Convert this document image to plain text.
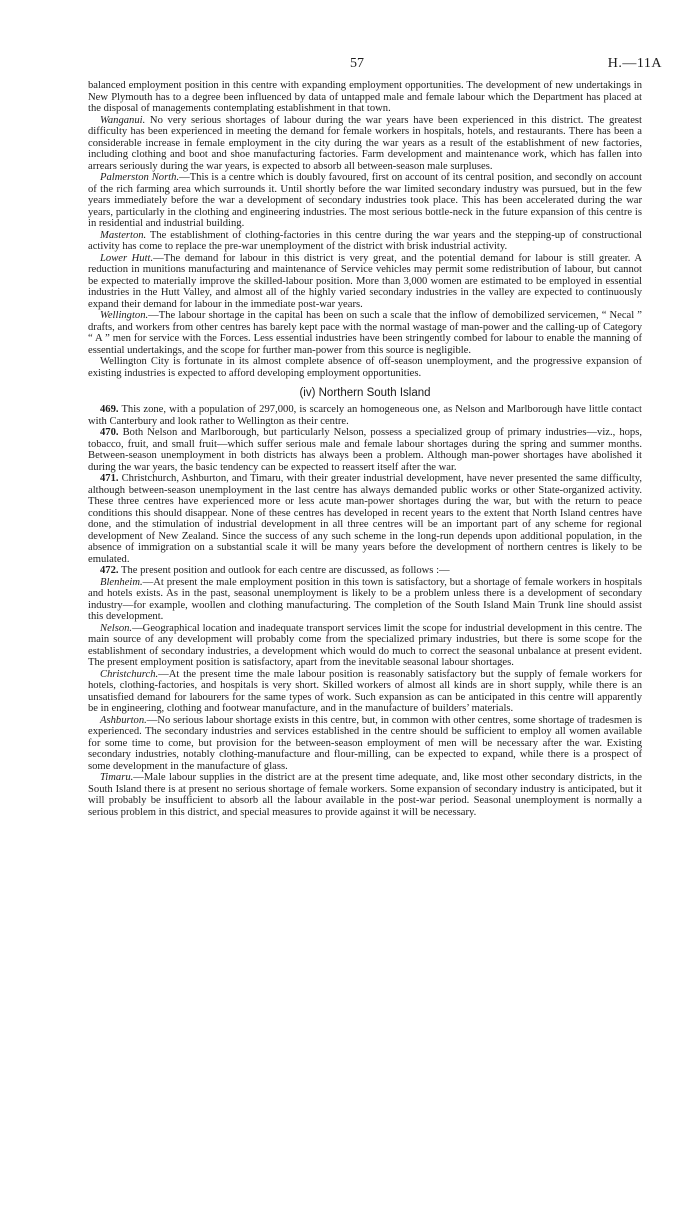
57	H.—11A

balanced employment position in this centre with expanding employment opportunities. The development of new undertakings in New Plymouth has to a degree been influenced by data of untapped male and female labour which the Department has placed at the disposal of managements contemplating establishment in that town.

Wanganui. No very serious shortages of labour during the war years have been experienced in this district. The greatest difficulty has been experienced in meeting the demand for female workers in hospitals, hotels, and restaurants. There has been a considerable increase in female employment in the city during the war years as a result of the establishment of new factories, including clothing and boot and shoe manufacturing factories. Farm development and maintenance work, which has fallen into arrears seriously during the war years, is expected to absorb all between-season male surpluses.

Palmerston North.—This is a centre which is doubly favoured, first on account of its central position, and secondly on account of the rich farming area which surrounds it. Until shortly before the war limited secondary industry was pursued, but in the few years immediately before the war a development of secondary industries took place. This has been accelerated during the war years, particularly in the clothing and engineering industries. The most serious bottle-neck in the future expansion of this centre is in residential and industrial building.

Masterton. The establishment of clothing-factories in this centre during the war years and the stepping-up of constructional activity has come to replace the pre-war unemployment of the district with brisk industrial activity.

Lower Hutt.—The demand for labour in this district is very great, and the potential demand for labour is still greater. A reduction in munitions manufacturing and maintenance of Service vehicles may permit some redistribution of labour, but cannot be expected to materially improve the skilled-labour position. More than 3,000 women are estimated to be employed in essential industries in the Hutt Valley, and almost all of the highly varied secondary industries in the valley are expected to continuously expand their demand for labour in the immediate post-war years.

Wellington.—The labour shortage in the capital has been on such a scale that the inflow of demobilized servicemen, “ Necal ” drafts, and workers from other centres has barely kept pace with the normal wastage of man-power and the calling-up of Category “ A ” men for service with the Forces. Less essential industries have been stringently combed for labour to enable the manning of essential undertakings, and the scope for further man-power from this source is negligible.

Wellington City is fortunate in its almost complete absence of off-season unemployment, and the progressive expansion of existing industries is expected to afford developing employment opportunities.

(iv) Northern South Island

469. This zone, with a population of 297,000, is scarcely an homogeneous one, as Nelson and Marlborough have little contact with Canterbury and look rather to Wellington as their centre.

470. Both Nelson and Marlborough, but particularly Nelson, possess a specialized group of primary industries—viz., hops, tobacco, fruit, and small fruit—which suffer serious male and female labour shortages during the spring and summer months. Between-season unemployment in both districts has always been a problem. Although man-power shortages have abolished it during the war years, the basic tendency can be expected to reassert itself after the war.

471. Christchurch, Ashburton, and Timaru, with their greater industrial development, have never presented the same difficulty, although between-season unemployment in the last centre has always demanded public works or other State-organized activity. These three centres have experienced more or less acute man-power shortages during the war, but with the return to peace conditions this should disappear. None of these centres has developed in recent years to the extent that North Island centres have done, and the stimulation of industrial development in all three centres will be an important part of any scheme for regional development of New Zealand. Since the success of any such scheme in the long-run depends upon additional population, in the absence of immigration on a substantial scale it will be many years before the development of northern centres is likely to be emulated.

472. The present position and outlook for each centre are discussed, as follows :—

Blenheim.—At present the male employment position in this town is satisfactory, but a shortage of female workers in hospitals and hotels exists. As in the past, seasonal unemployment is likely to be a problem unless there is a development of secondary industry—for example, woollen and clothing manufacturing. The completion of the South Island Main Trunk line should assist this development.

Nelson.—Geographical location and inadequate transport services limit the scope for industrial development in this centre. The main source of any development will probably come from the specialized primary industries, but there is some scope for the establishment of secondary industries, a development which would do much to correct the seasonal unbalance at present evident. The present employment position is satisfactory, apart from the inevitable seasonal labour shortages.

Christchurch.—At the present time the male labour position is reasonably satisfactory but the supply of female workers for hotels, clothing-factories, and hospitals is very short. Skilled workers of almost all kinds are in short supply, while there is an unsatisfied demand for labourers for the same types of work. Such expansion as can be anticipated in this centre will apparently be in engineering, clothing and footwear manufacture, and in the manufacture of builders’ materials.

Ashburton.—No serious labour shortage exists in this centre, but, in common with other centres, some shortage of tradesmen is experienced. The secondary industries and services established in the centre should be sufficient to employ all women available for some time to come, but provision for the between-season employment of men will be necessary after the war. Existing secondary industries, notably clothing-manufacture and flour-milling, can be expected to expand, while there is a prospect of some development in the manufacture of glass.

Timaru.—Male labour supplies in the district are at the present time adequate, and, like most other secondary districts, in the South Island there is at present no serious shortage of female workers. Some expansion of secondary industry is anticipated, but it will probably be insufficient to absorb all the labour available in the post-war period. Seasonal unemployment is normally a serious problem in this district, and special measures to provide against it will be necessary.
